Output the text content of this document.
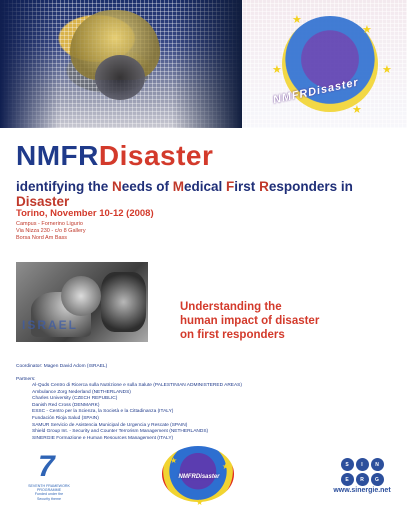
★
★
★
★
★
NMFRDisaster
NMFRDisaster
identifying the Needs of Medical First Responders in Disaster
Torino, November 10-12 (2008)
Campus - Fornerino Ligurio
Via Nizza 230 - c/o 8 Gallery
Borsa Nord Am Bass
ISRAEL
Understanding the
human impact of disaster
on first responders
Coordinator: Magen David Adom (ISRAEL)
Partners:
Al-Quds Centro di Ricerca sulla Nutrizione e sulla Salute (PALESTINIAN ADMINISTERED AREAS)
Ambulance Zorg Nederland (NETHERLANDS)
Charles University (CZECH REPUBLIC)
Danish Red Cross (DENMARK)
ESSC - Centro per la Scienza, la Società e la Cittadinanza (ITALY)
Fundación Rioja Salud (SPAIN)
SAMUR Servicio de Asistencia Municipal de Urgencia y Rescate (SPAIN)
Shield Group Int. - Security and Counter Terrorism Management (NETHERLANDS)
SINERGIE Formazione e Human Resources Management (ITALY)
7
SEVENTH FRAMEWORK
PROGRAMME
Funded under the
Security theme
★
★
★
NMFRDisaster
S	I	N
E	R	G
www.sinergie.net
